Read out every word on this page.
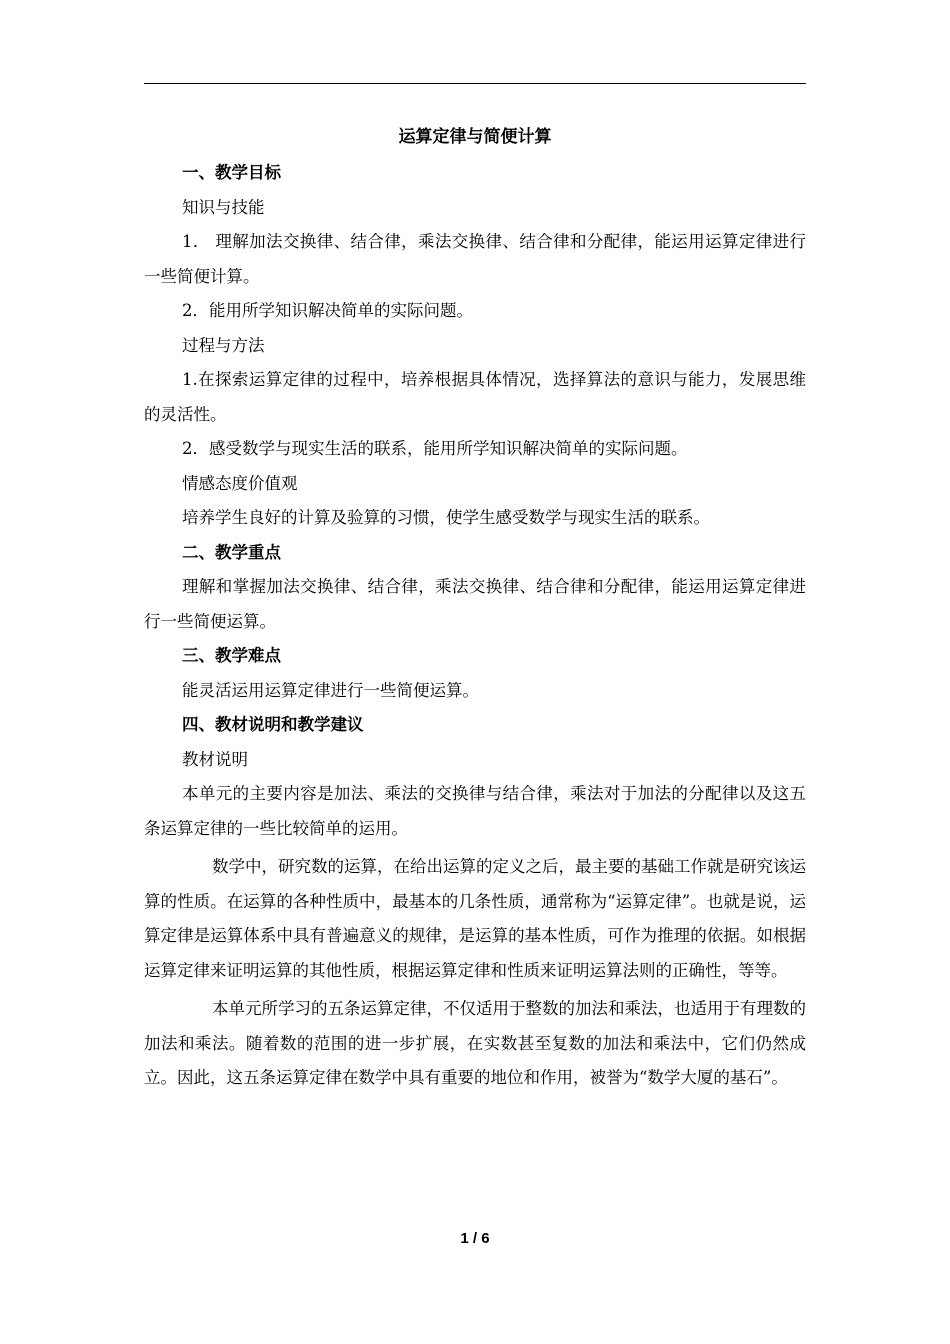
运算定律与简便计算

一、教学目标

知识与技能

1． 理解加法交换律、结合律，乘法交换律、结合律和分配律，能运用运算定律进行一些简便计算。

2．能用所学知识解决简单的实际问题。

过程与方法

1.在探索运算定律的过程中，培养根据具体情况，选择算法的意识与能力，发展思维的灵活性。

2．感受数学与现实生活的联系，能用所学知识解决简单的实际问题。

情感态度价值观

培养学生良好的计算及验算的习惯，使学生感受数学与现实生活的联系。

二、教学重点

理解和掌握加法交换律、结合律，乘法交换律、结合律和分配律，能运用运算定律进行一些简便运算。

三、教学难点

能灵活运用运算定律进行一些简便运算。

四、教材说明和教学建议

教材说明

本单元的主要内容是加法、乘法的交换律与结合律，乘法对于加法的分配律以及这五条运算定律的一些比较简单的运用。

数学中，研究数的运算，在给出运算的定义之后，最主要的基础工作就是研究该运算的性质。在运算的各种性质中，最基本的几条性质，通常称为“运算定律”。也就是说，运算定律是运算体系中具有普遍意义的规律，是运算的基本性质，可作为推理的依据。如根据运算定律来证明运算的其他性质，根据运算定律和性质来证明运算法则的正确性，等等。

本单元所学习的五条运算定律，不仅适用于整数的加法和乘法，也适用于有理数的加法和乘法。随着数的范围的进一步扩展，在实数甚至复数的加法和乘法中，它们仍然成立。因此，这五条运算定律在数学中具有重要的地位和作用，被誉为“数学大厦的基石”。

1 / 6
